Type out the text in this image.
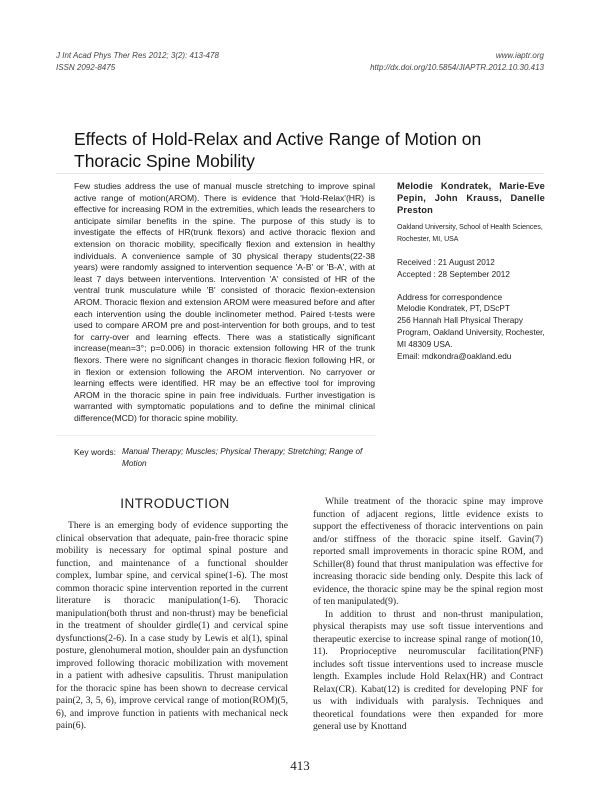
J Int Acad Phys Ther Res 2012; 3(2): 413-478
ISSN 2092-8475
www.iaptr.org
http://dx.doi.org/10.5854/JIAPTR.2012.10.30.413
Effects of Hold-Relax and Active Range of Motion on Thoracic Spine Mobility

Few studies address the use of manual muscle stretching to improve spinal active range of motion(AROM). There is evidence that 'Hold-Relax'(HR) is effective for increasing ROM in the extremities, which leads the researchers to anticipate similar benefits in the spine. The purpose of this study is to investigate the effects of HR(trunk flexors) and active thoracic flexion and extension on thoracic mobility, specifically flexion and extension in healthy individuals. A convenience sample of 30 physical therapy students(22-38 years) were randomly assigned to intervention sequence 'A-B' or 'B-A', with at least 7 days between interventions. Intervention 'A' consisted of HR of the ventral trunk musculature while 'B' consisted of thoracic flexion-extension AROM. Thoracic flexion and extension AROM were measured before and after each intervention using the double inclinometer method. Paired t-tests were used to compare AROM pre and post-intervention for both groups, and to test for carry-over and learning effects. There was a statistically significant increase(mean=3°; p=0.006) in thoracic extension following HR of the trunk flexors. There were no significant changes in thoracic flexion following HR, or in flexion or extension following the AROM intervention. No carryover or learning effects were identified. HR may be an effective tool for improving AROM in the thoracic spine in pain free individuals. Further investigation is warranted with symptomatic populations and to define the minimal clinical difference(MCD) for thoracic spine mobility.

Melodie Kondratek, Marie-Eve Pepin, John Krauss, Danelle Preston

Oakland University, School of Health Sciences, Rochester, MI, USA

Received : 21 August 2012
Accepted : 28 September 2012

Address for correspondence

Melodie Kondratek, PT, DScPT

256 Hannah Hall Physical Therapy Program, Oakland University, Rochester, MI 48309 USA.

Email: mdkondra@oakland.edu

Key words: Manual Therapy; Muscles; Physical Therapy; Stretching; Range of Motion
INTRODUCTION

There is an emerging body of evidence supporting the clinical observation that adequate, pain-free thoracic spine mobility is necessary for optimal spinal posture and function, and maintenance of a functional shoulder complex, lumbar spine, and cervical spine(1-6). The most common thoracic spine intervention reported in the current literature is thoracic manipulation(1-6). Thoracic manipulation(both thrust and non-thrust) may be beneficial in the treatment of shoulder girdle(1) and cervical spine dysfunctions(2-6). In a case study by Lewis et al(1), spinal posture, glenohumeral motion, shoulder pain an dysfunction improved following thoracic mobilization with movement in a patient with adhesive capsulitis. Thrust manipulation for the thoracic spine has been shown to decrease cervical pain(2, 3, 5, 6), improve cervical range of motion(ROM)(5, 6), and improve function in patients with mechanical neck pain(6).

While treatment of the thoracic spine may improve function of adjacent regions, little evidence exists to support the effectiveness of thoracic interventions on pain and/or stiffness of the thoracic spine itself. Gavin(7) reported small improvements in thoracic spine ROM, and Schiller(8) found that thrust manipulation was effective for increasing thoracic side bending only. Despite this lack of evidence, the thoracic spine may be the spinal region most of ten manipulated(9).

In addition to thrust and non-thrust manipulation, physical therapists may use soft tissue interventions and therapeutic exercise to increase spinal range of motion(10, 11). Proprioceptive neuromuscular facilitation(PNF) includes soft tissue interventions used to increase muscle length. Examples include Hold Relax(HR) and Contract Relax(CR). Kabat(12) is credited for developing PNF for us with individuals with paralysis. Techniques and theoretical foundations were then expanded for more general use by Knottand

413
